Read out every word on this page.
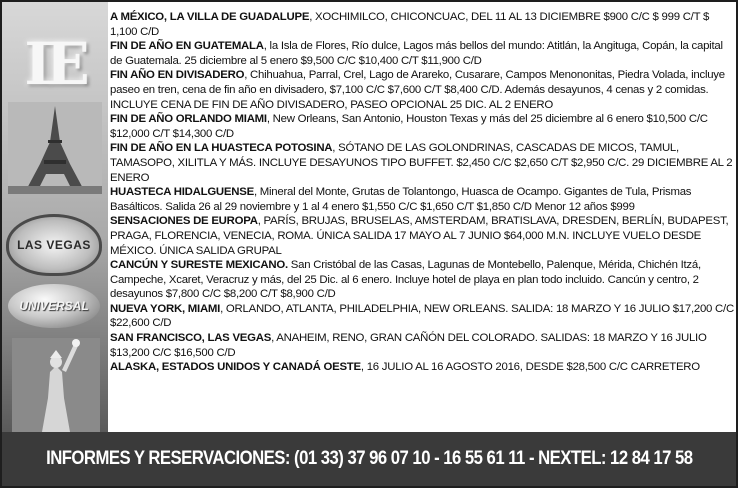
IE
LAS VEGAS
UNIVERSAL

A MÉXICO, LA VILLA DE GUADALUPE, XOCHIMILCO, CHICONCUAC, DEL 11 AL 13 DICIEMBRE $900 C/C $ 999 C/T $ 1,100 C/D

FIN DE AÑO EN GUATEMALA, la Isla de Flores, Río dulce, Lagos más bellos del mundo: Atitlán, la Angituga, Copán, la capital de Guatemala. 25 diciembre al 5 enero $9,500 C/C $10,400 C/T $11,900 C/D

FIN AÑO EN DIVISADERO, Chihuahua, Parral, Crel, Lago de Arareko, Cusarare, Campos Menononitas, Piedra Volada, incluye paseo en tren, cena de fin año en divisadero, $7,100 C/C $7,600 C/T $8,400 C/D. Además desayunos, 4 cenas y 2 comidas. INCLUYE CENA DE FIN DE AÑO DIVISADERO, PASEO OPCIONAL 25 DIC. AL 2 ENERO

FIN DE AÑO ORLANDO MIAMI, New Orleans, San Antonio, Houston Texas y más del 25 diciembre al 6 enero $10,500 C/C $12,000 C/T $14,300 C/D

FIN DE AÑO EN LA HUASTECA POTOSINA, SÓTANO DE LAS GOLONDRINAS, CASCADAS DE MICOS, TAMUL, TAMASOPO, XILITLA Y MÁS. INCLUYE DESAYUNOS TIPO BUFFET. $2,450 C/C $2,650 C/T $2,950 C/C. 29 DICIEMBRE AL 2 ENERO

HUASTECA HIDALGUENSE, Mineral del Monte, Grutas de Tolantongo, Huasca de Ocampo. Gigantes de Tula, Prismas Basálticos. Salida 26 al 29 noviembre y 1 al 4 enero $1,550 C/C $1,650 C/T $1,850 C/D Menor 12 años $999

SENSACIONES DE EUROPA, PARÍS, BRUJAS, BRUSELAS, AMSTERDAM, BRATISLAVA, DRESDEN, BERLÍN, BUDAPEST, PRAGA, FLORENCIA, VENECIA, ROMA. ÚNICA SALIDA 17 MAYO AL 7 JUNIO $64,000 M.N. INCLUYE VUELO DESDE MÉXICO. ÚNICA SALIDA GRUPAL

CANCÚN Y SURESTE MEXICANO. San Cristóbal de las Casas, Lagunas de Montebello, Palenque, Mérida, Chichén Itzá, Campeche, Xcaret, Veracruz y más, del 25 Dic. al 6 enero. Incluye hotel de playa en plan todo incluido. Cancún y centro, 2 desayunos $7,800 C/C $8,200 C/T $8,900 C/D

NUEVA YORK, MIAMI, ORLANDO, ATLANTA, PHILADELPHIA, NEW ORLEANS. SALIDA: 18 MARZO Y 16 JULIO $17,200 C/C $22,600 C/D

SAN FRANCISCO, LAS VEGAS, ANAHEIM, RENO, GRAN CAÑÓN DEL COLORADO. SALIDAS: 18 MARZO Y 16 JULIO $13,200 C/C $16,500 C/D

ALASKA, ESTADOS UNIDOS Y CANADÁ OESTE, 16 JULIO AL 16 AGOSTO 2016, DESDE $28,500 C/C CARRETERO

INFORMES Y RESERVACIONES: (01 33) 37 96 07 10 - 16 55 61 11 - NEXTEL: 12 84 17 58
